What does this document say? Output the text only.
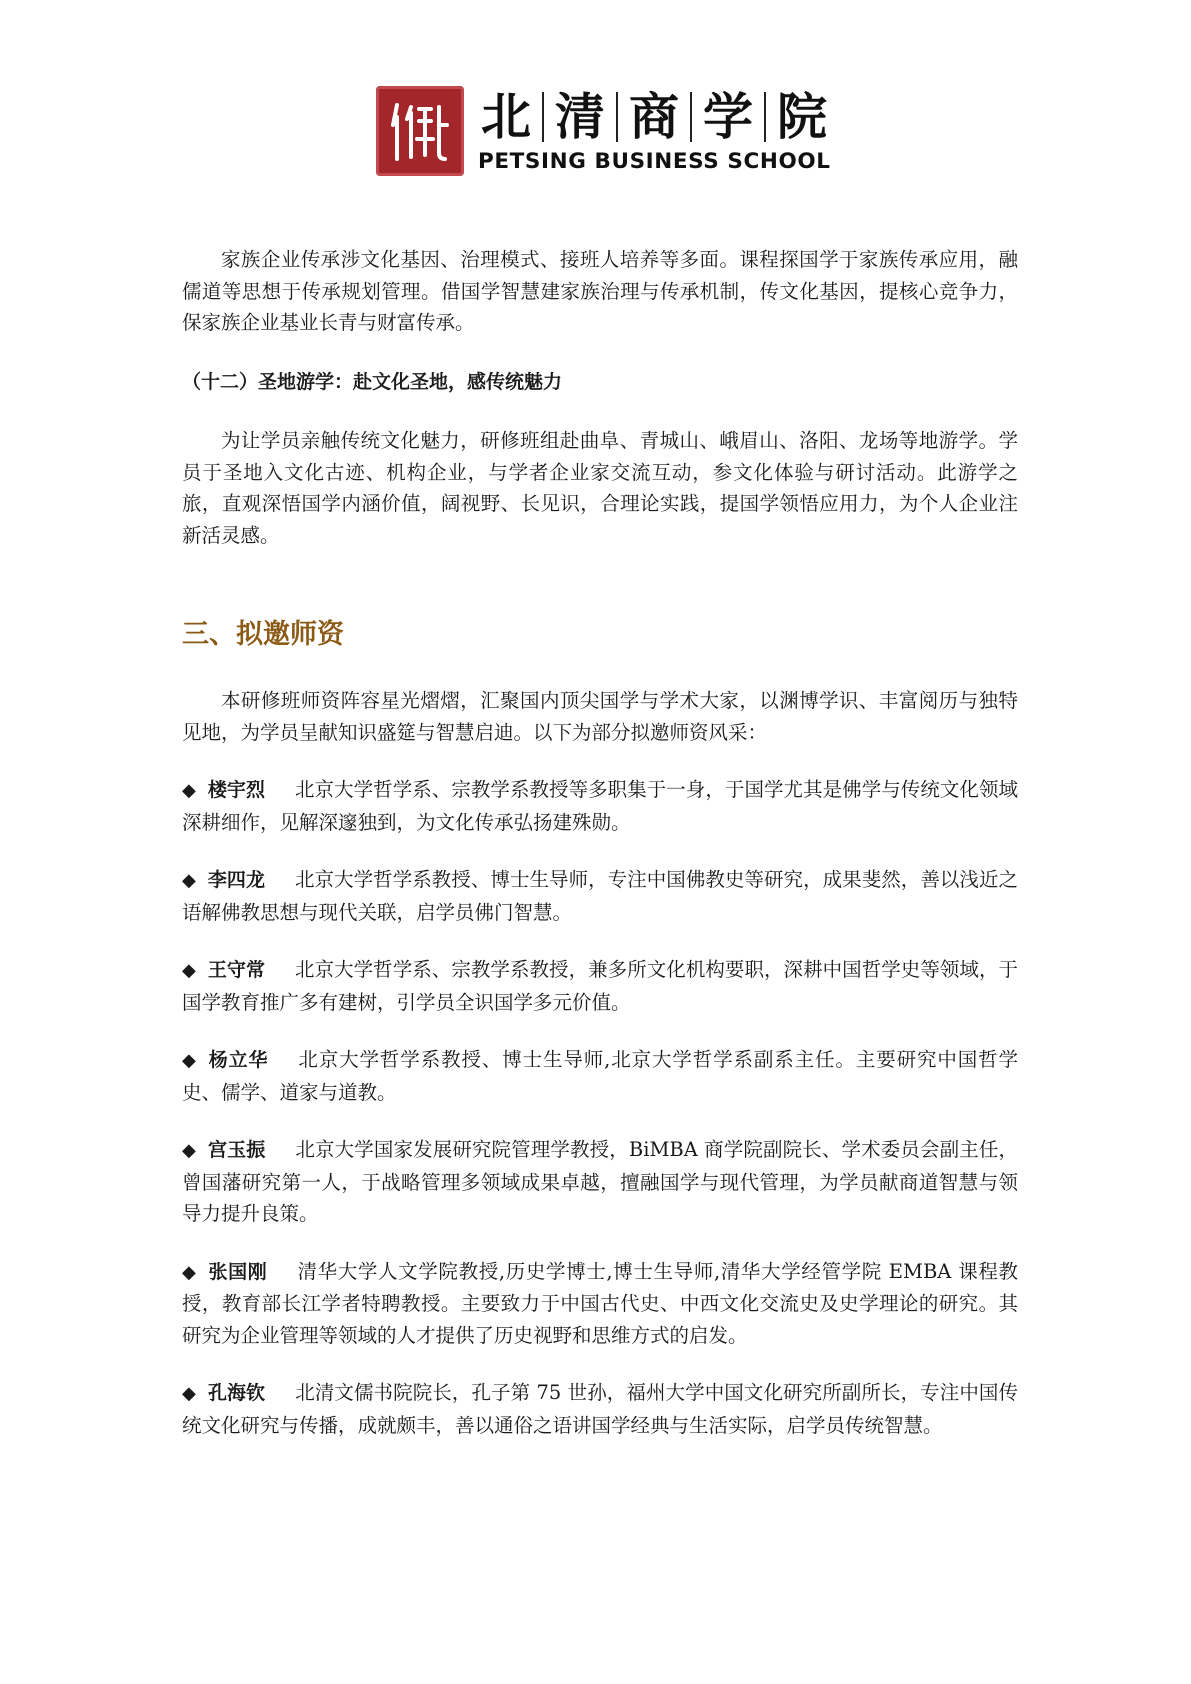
北 清 商 学 院
PETSING BUSINESS SCHOOL

家族企业传承涉文化基因、治理模式、接班人培养等多面。课程探国学于家族传承应用，融儒道等思想于传承规划管理。借国学智慧建家族治理与传承机制，传文化基因，提核心竞争力，保家族企业基业长青与财富传承。

（十二）圣地游学：赴文化圣地，感传统魅力

为让学员亲触传统文化魅力，研修班组赴曲阜、青城山、峨眉山、洛阳、龙场等地游学。学员于圣地入文化古迹、机构企业，与学者企业家交流互动，参文化体验与研讨活动。此游学之旅，直观深悟国学内涵价值，阔视野、长见识，合理论实践，提国学领悟应用力，为个人企业注新活灵感。

三、拟邀师资

本研修班师资阵容星光熠熠，汇聚国内顶尖国学与学术大家，以渊博学识、丰富阅历与独特见地，为学员呈献知识盛筵与智慧启迪。以下为部分拟邀师资风采：

◆ 楼宇烈 北京大学哲学系、宗教学系教授等多职集于一身，于国学尤其是佛学与传统文化领域深耕细作，见解深邃独到，为文化传承弘扬建殊勋。

◆ 李四龙 北京大学哲学系教授、博士生导师，专注中国佛教史等研究，成果斐然，善以浅近之语解佛教思想与现代关联，启学员佛门智慧。

◆ 王守常 北京大学哲学系、宗教学系教授，兼多所文化机构要职，深耕中国哲学史等领域，于国学教育推广多有建树，引学员全识国学多元价值。

◆ 杨立华 北京大学哲学系教授、博士生导师,北京大学哲学系副系主任。主要研究中国哲学史、儒学、道家与道教。

◆ 宫玉振 北京大学国家发展研究院管理学教授，BiMBA 商学院副院长、学术委员会副主任，曾国藩研究第一人，于战略管理多领域成果卓越，擅融国学与现代管理，为学员献商道智慧与领导力提升良策。

◆ 张国刚 清华大学人文学院教授,历史学博士,博士生导师,清华大学经管学院 EMBA 课程教授，教育部长江学者特聘教授。主要致力于中国古代史、中西文化交流史及史学理论的研究。其研究为企业管理等领域的人才提供了历史视野和思维方式的启发。

◆ 孔海钦 北清文儒书院院长，孔子第 75 世孙，福州大学中国文化研究所副所长，专注中国传统文化研究与传播，成就颇丰，善以通俗之语讲国学经典与生活实际，启学员传统智慧。
